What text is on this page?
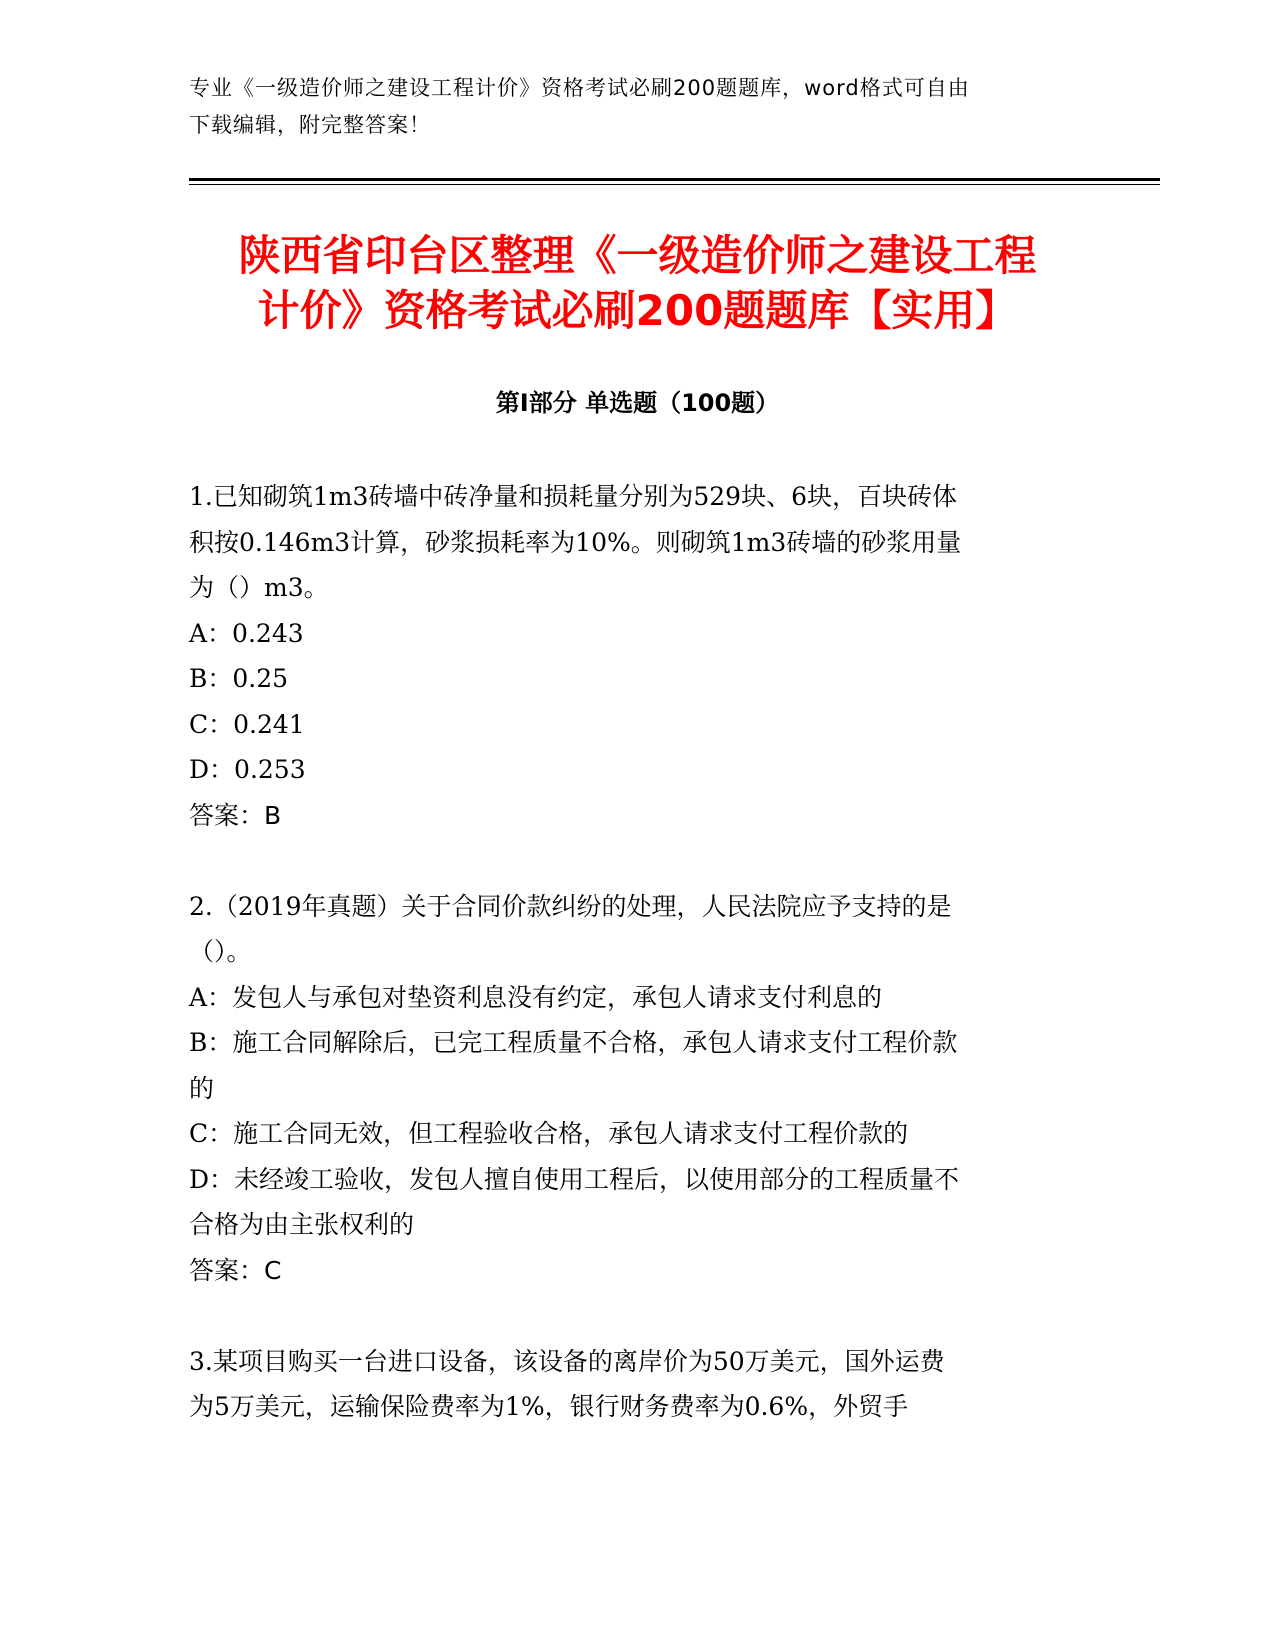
专业《一级造价师之建设工程计价》资格考试必刷200题题库，word格式可自由
下载编辑，附完整答案！
陕西省印台区整理《一级造价师之建设工程
计价》资格考试必刷200题题库【实用】
第Ⅰ部分 单选题（100题）
1.已知砌筑1m3砖墙中砖净量和损耗量分别为529块、6块，百块砖体
积按0.146m3计算，砂浆损耗率为10%。则砌筑1m3砖墙的砂浆用量
为（）m3。
A：0.243
B：0.25
C：0.241
D：0.253
答案：B
2.（2019年真题）关于合同价款纠纷的处理，人民法院应予支持的是
（）。
A：发包人与承包对垫资利息没有约定，承包人请求支付利息的
B：施工合同解除后，已完工程质量不合格，承包人请求支付工程价款
的
C：施工合同无效，但工程验收合格，承包人请求支付工程价款的
D：未经竣工验收，发包人擅自使用工程后，以使用部分的工程质量不
合格为由主张权利的
答案：C
3.某项目购买一台进口设备，该设备的离岸价为50万美元，国外运费
为5万美元，运输保险费率为1%，银行财务费率为0.6%，外贸手
